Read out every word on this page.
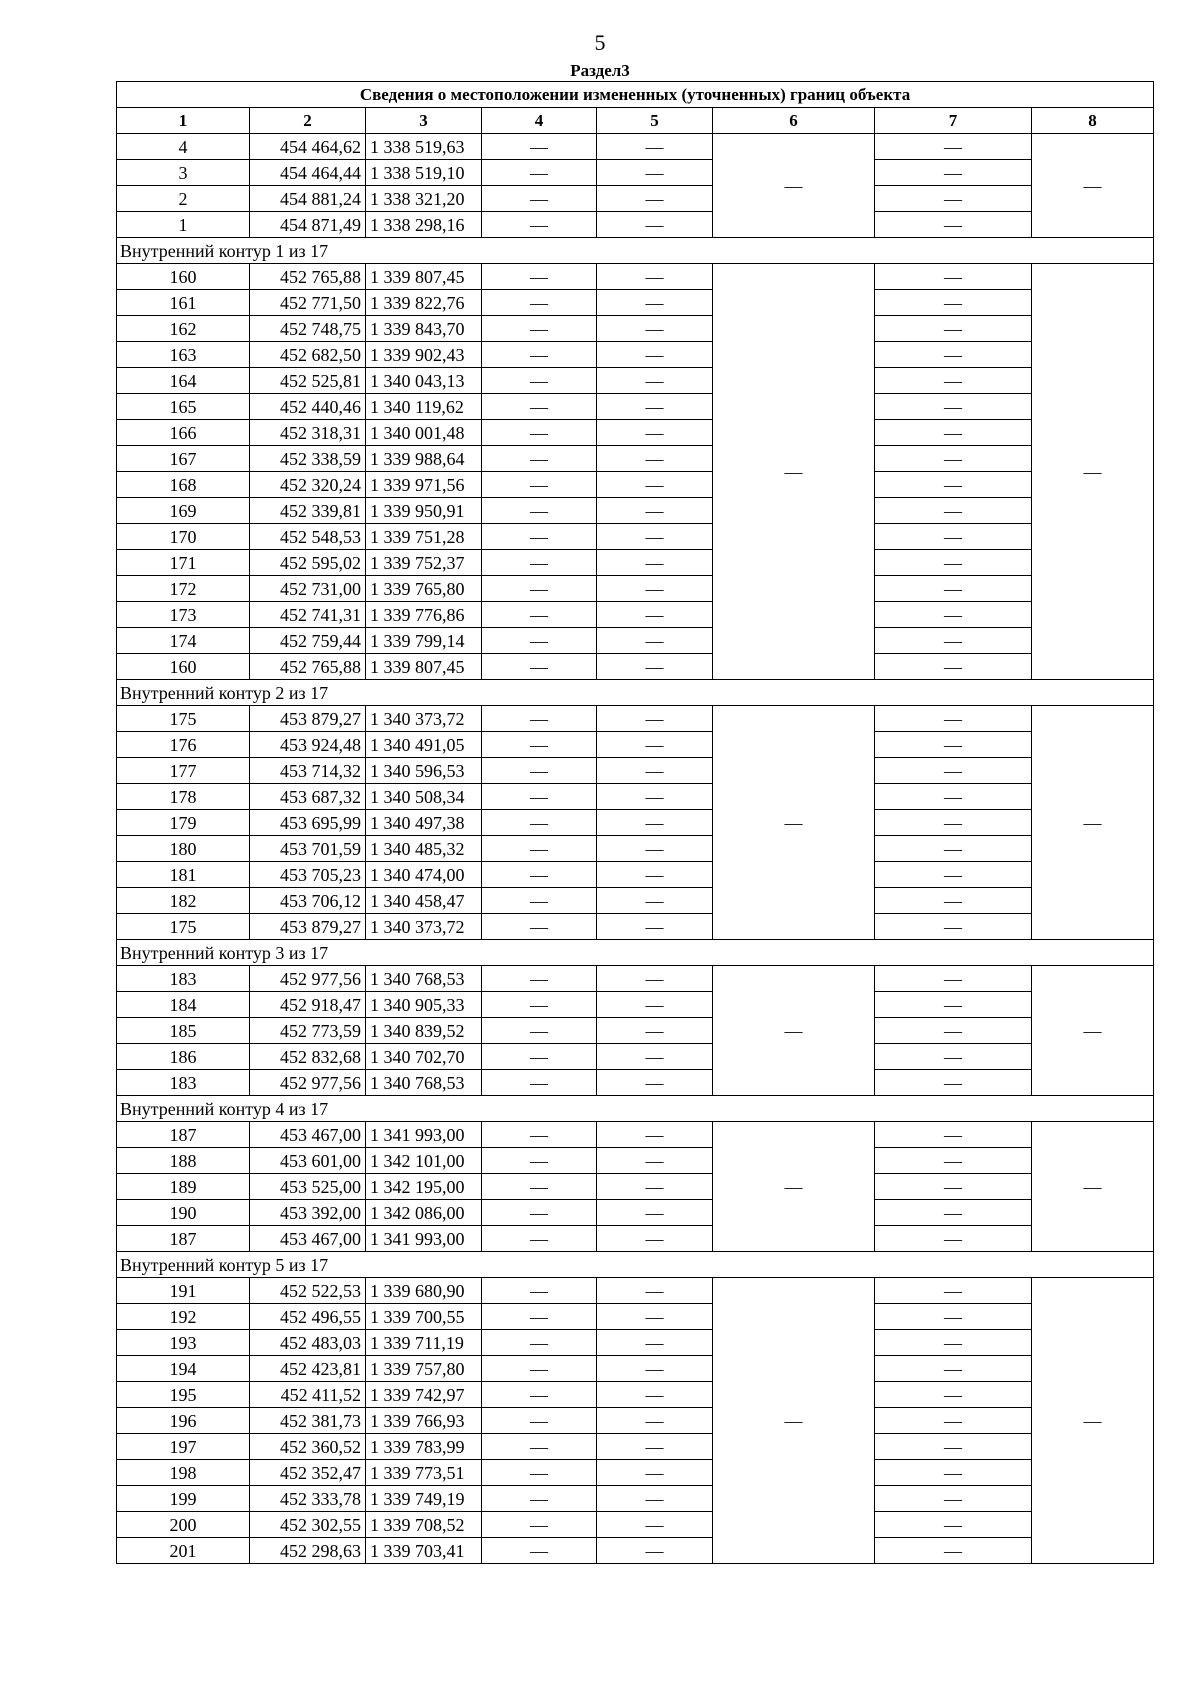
5
Раздел3
Сведения о местоположении измененных (уточненных) границ объекта							
1	2	3	4	5	6	7	8
4	454 464,62	1 338 519,63	—	—	—	—	—
3	454 464,44	1 338 519,10	—	—		—	
2	454 881,24	1 338 321,20	—	—		—	
1	454 871,49	1 338 298,16	—	—		—	
Внутренний контур 1 из 17							
160	452 765,88	1 339 807,45	—	—	—	—	—
161	452 771,50	1 339 822,76	—	—		—	
162	452 748,75	1 339 843,70	—	—		—	
163	452 682,50	1 339 902,43	—	—		—	
164	452 525,81	1 340 043,13	—	—		—	
165	452 440,46	1 340 119,62	—	—		—	
166	452 318,31	1 340 001,48	—	—		—	
167	452 338,59	1 339 988,64	—	—		—	
168	452 320,24	1 339 971,56	—	—		—	
169	452 339,81	1 339 950,91	—	—		—	
170	452 548,53	1 339 751,28	—	—		—	
171	452 595,02	1 339 752,37	—	—		—	
172	452 731,00	1 339 765,80	—	—		—	
173	452 741,31	1 339 776,86	—	—		—	
174	452 759,44	1 339 799,14	—	—		—	
160	452 765,88	1 339 807,45	—	—		—	
Внутренний контур 2 из 17							
175	453 879,27	1 340 373,72	—	—	—	—	—
176	453 924,48	1 340 491,05	—	—		—	
177	453 714,32	1 340 596,53	—	—		—	
178	453 687,32	1 340 508,34	—	—		—	
179	453 695,99	1 340 497,38	—	—		—	
180	453 701,59	1 340 485,32	—	—		—	
181	453 705,23	1 340 474,00	—	—		—	
182	453 706,12	1 340 458,47	—	—		—	
175	453 879,27	1 340 373,72	—	—		—	
Внутренний контур 3 из 17							
183	452 977,56	1 340 768,53	—	—	—	—	—
184	452 918,47	1 340 905,33	—	—		—	
185	452 773,59	1 340 839,52	—	—		—	
186	452 832,68	1 340 702,70	—	—		—	
183	452 977,56	1 340 768,53	—	—		—	
Внутренний контур 4 из 17							
187	453 467,00	1 341 993,00	—	—	—	—	—
188	453 601,00	1 342 101,00	—	—		—	
189	453 525,00	1 342 195,00	—	—		—	
190	453 392,00	1 342 086,00	—	—		—	
187	453 467,00	1 341 993,00	—	—		—	
Внутренний контур 5 из 17							
191	452 522,53	1 339 680,90	—	—	—	—	—
192	452 496,55	1 339 700,55	—	—		—	
193	452 483,03	1 339 711,19	—	—		—	
194	452 423,81	1 339 757,80	—	—		—	
195	452 411,52	1 339 742,97	—	—		—	
196	452 381,73	1 339 766,93	—	—		—	
197	452 360,52	1 339 783,99	—	—		—	
198	452 352,47	1 339 773,51	—	—		—	
199	452 333,78	1 339 749,19	—	—		—	
200	452 302,55	1 339 708,52	—	—		—	
201	452 298,63	1 339 703,41	—	—		—	
